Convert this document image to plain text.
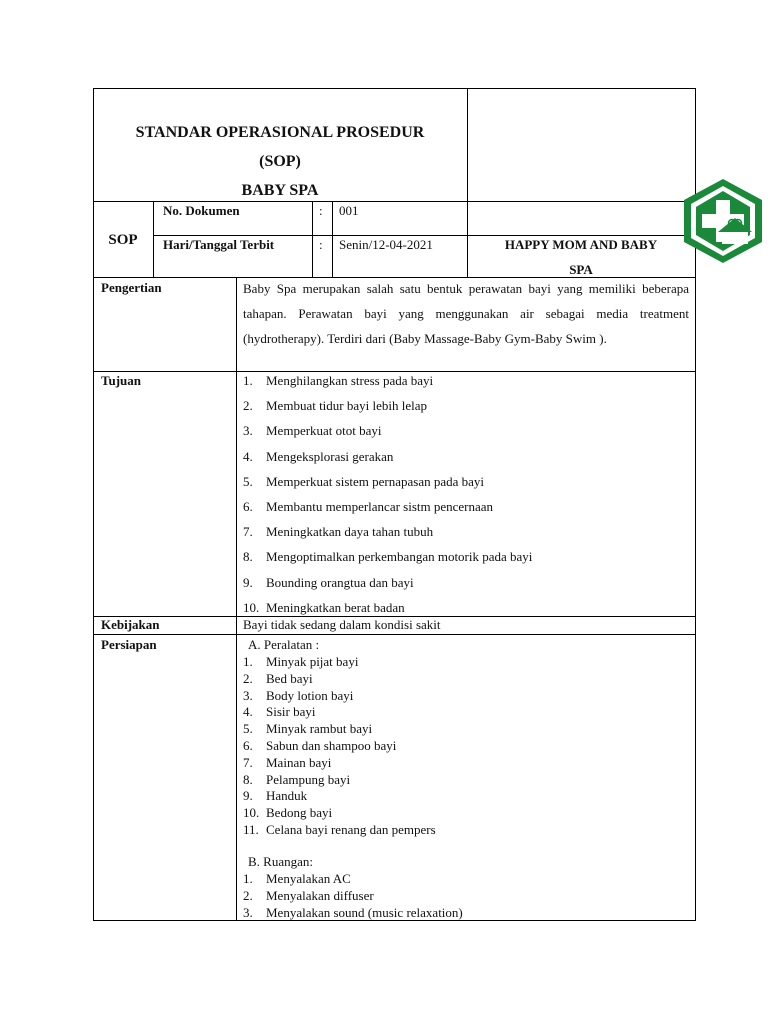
STANDAR OPERASIONAL PROSEDUR
(SOP)
BABY SPA
SOP
No. Dokumen	: 001
Hari/Tanggal Terbit	: Senin/12-04-2021	HAPPY MOM AND BABY
SPA
Pengertian	Baby Spa merupakan salah satu bentuk perawatan bayi yang memiliki beberapa tahapan. Perawatan bayi yang menggunakan air sebagai media treatment (hydrotherapy). Terdiri dari (Baby Massage-Baby Gym-Baby Swim ).
Tujuan	1. Menghilangkan stress pada bayi
2. Membuat tidur bayi lebih lelap
3. Memperkuat otot bayi
4. Mengeksplorasi gerakan
5. Memperkuat sistem pernapasan pada bayi
6. Membantu memperlancar sistm pencernaan
7. Meningkatkan daya tahan tubuh
8. Mengoptimalkan perkembangan motorik pada bayi
9. Bounding orangtua dan bayi
10. Meningkatkan berat badan
Kebijakan	Bayi tidak sedang dalam kondisi sakit
Persiapan	A. Peralatan :
1. Minyak pijat bayi
2. Bed bayi
3. Body lotion bayi
4. Sisir bayi
5. Minyak rambut bayi
6. Sabun dan shampoo bayi
7. Mainan bayi
8. Pelampung bayi
9. Handuk
10. Bedong bayi
11. Celana bayi renang dan pempers
B. Ruangan:
1. Menyalakan AC
2. Menyalakan diffuser
3. Menyalakan sound (music relaxation)
